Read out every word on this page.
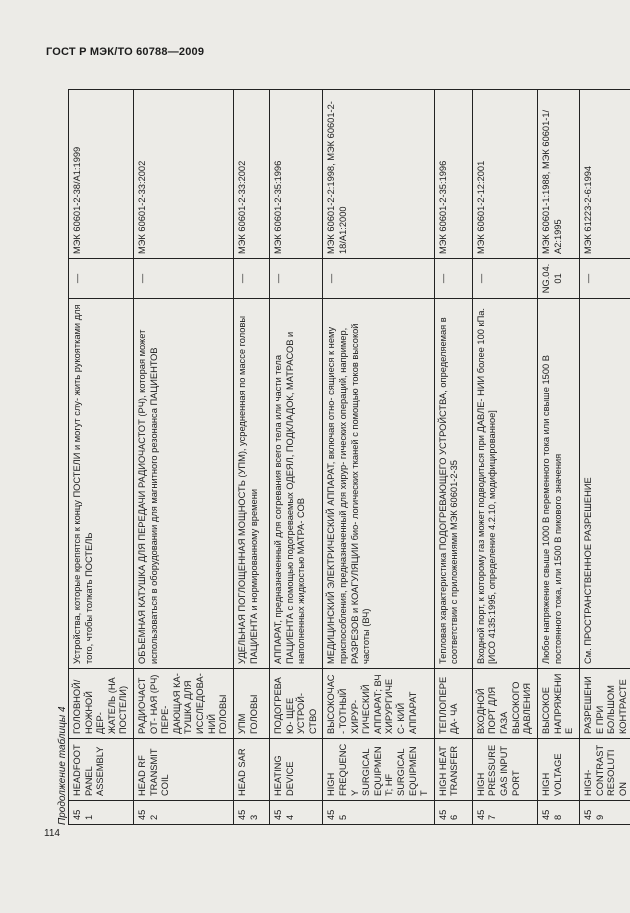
ГОСТ Р МЭК/ТО 60788—2009
Продолжение таблицы 4 451	HEADFOOT PANEL ASSEMBLY	ГОЛОВНОЙ/ НОЖНОЙ ДЕР- ЖАТЕЛЬ (НА ПОСТЕЛИ)	Устройства, которые крепятся к концу ПОСТЕЛИ и могут слу- жить рукоятками для того, чтобы толкать ПОСТЕЛЬ	—	МЭК 60601-2-38/А1:1999
452	HEAD RF TRANSMIT COIL	РАДИОЧАСТОТ- НАЯ (РЧ) ПЕРЕ- ДАЮЩАЯ КА- ТУШКА ДЛЯ ИССЛЕДОВА- НИЙ ГОЛОВЫ	ОБЪЕМНАЯ КАТУШКА ДЛЯ ПЕРЕДАЧИ РАДИОЧАСТОТ (РЧ), которая может использоваться в оборудовании для магнитного резонанса ПАЦИЕНТОВ	—	МЭК 60601-2-33:2002
453	HEAD SAR	УПМ ГОЛОВЫ	УДЕЛЬНАЯ ПОГЛОЩЕННАЯ МОЩНОСТЬ (УПМ), усредненная по массе головы ПАЦИЕНТА и нормированному времени	—	МЭК 60601-2-33:2002
454	HEATING DEVICE	ПОДОГРЕВАЮ- ЩЕЕ УСТРОЙ- СТВО	АППАРАТ, предназначенный для согревания всего тела или части тела ПАЦИЕНТА с помощью подогреваемых ОДЕЯЛ, ПОДКЛАДОК, МАТРАСОВ и наполненных жидкостью МАТРА- СОВ	—	МЭК 60601-2-35:1996
455	HIGH FREQUENCY SURGICAL EQUIPMENT; HF SURGICAL EQUIPMENT	ВЫСОКОЧАС- ТОТНЫЙ ХИРУР- ГИЧЕСКИЙ АППАРАТ; ВЧ ХИРУРГИЧЕС- КИЙ АППАРАТ	МЕДИЦИНСКИЙ ЭЛЕКТРИЧЕСКИЙ АППАРАТ, включая отно- сящиеся к нему приспособления, предназначенный для хирур- гических операций, например, РАЗРЕЗОВ и КОАГУЛЯЦИИ био- логических тканей с помощью токов высокой частоты (ВЧ)	—	МЭК 60601-2-2:1998, МЭК 60601-2-18/А1:2000
456	HIGH HEAT TRANSFER	ТЕПЛОПЕРЕДА- ЧА	Тепловая характеристика ПОДОГРЕВАЮЩЕГО УСТРОЙСТВА, определяемая в соответствии с приложениями МЭК 60601-2-35	—	МЭК 60601-2-35:1996
457	HIGH PRESSURE GAS INPUT PORT	ВХОДНОЙ ПОРТ ДЛЯ ГАЗА ВЫСОКОГО ДАВЛЕНИЯ	Входной порт, к которому газ может подводиться при ДАВЛЕ- НИИ более 100 кПа. [ИСО 4135:1995, определение 4.2.10, модифицированное]	—	МЭК 60601-2-12:2001
458	HIGH VOLTAGE	ВЫСОКОЕ НАПРЯЖЕНИЕ	Любое напряжение свыше 1000 В переменного тока или свыше 1500 В постоянного тока, или 1500 В пикового значения	NG.04.01	МЭК 60601-1:1988, МЭК 60601-1/А2:1995
459	HIGH-CONTRAST RESOLUTION	РАЗРЕШЕНИЕ ПРИ БОЛЬШОМ КОНТРАСТЕ	См. ПРОСТРАНСТВЕННОЕ РАЗРЕШЕНИЕ	—	МЭК 61223-2-6:1994
114
